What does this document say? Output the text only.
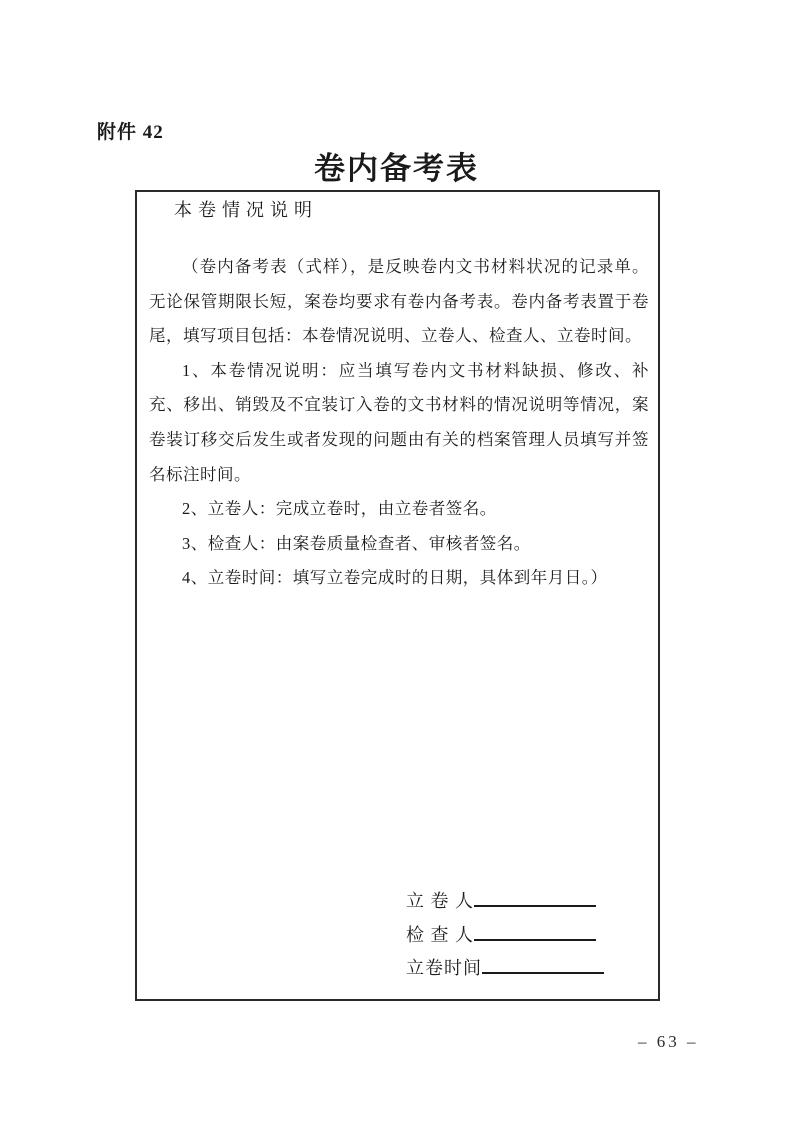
附件 42
卷内备考表
本卷情况说明

（卷内备考表（式样），是反映卷内文书材料状况的记录单。无论保管期限长短，案卷均要求有卷内备考表。卷内备考表置于卷尾，填写项目包括：本卷情况说明、立卷人、检查人、立卷时间。

1、本卷情况说明：应当填写卷内文书材料缺损、修改、补充、移出、销毁及不宜装订入卷的文书材料的情况说明等情况，案卷装订移交后发生或者发现的问题由有关的档案管理人员填写并签名标注时间。

2、立卷人：完成立卷时，由立卷者签名。

3、检查人：由案卷质量检查者、审核者签名。

4、立卷时间：填写立卷完成时的日期，具体到年月日。）

立 卷 人
检 查 人
立卷时间
– 63 –
